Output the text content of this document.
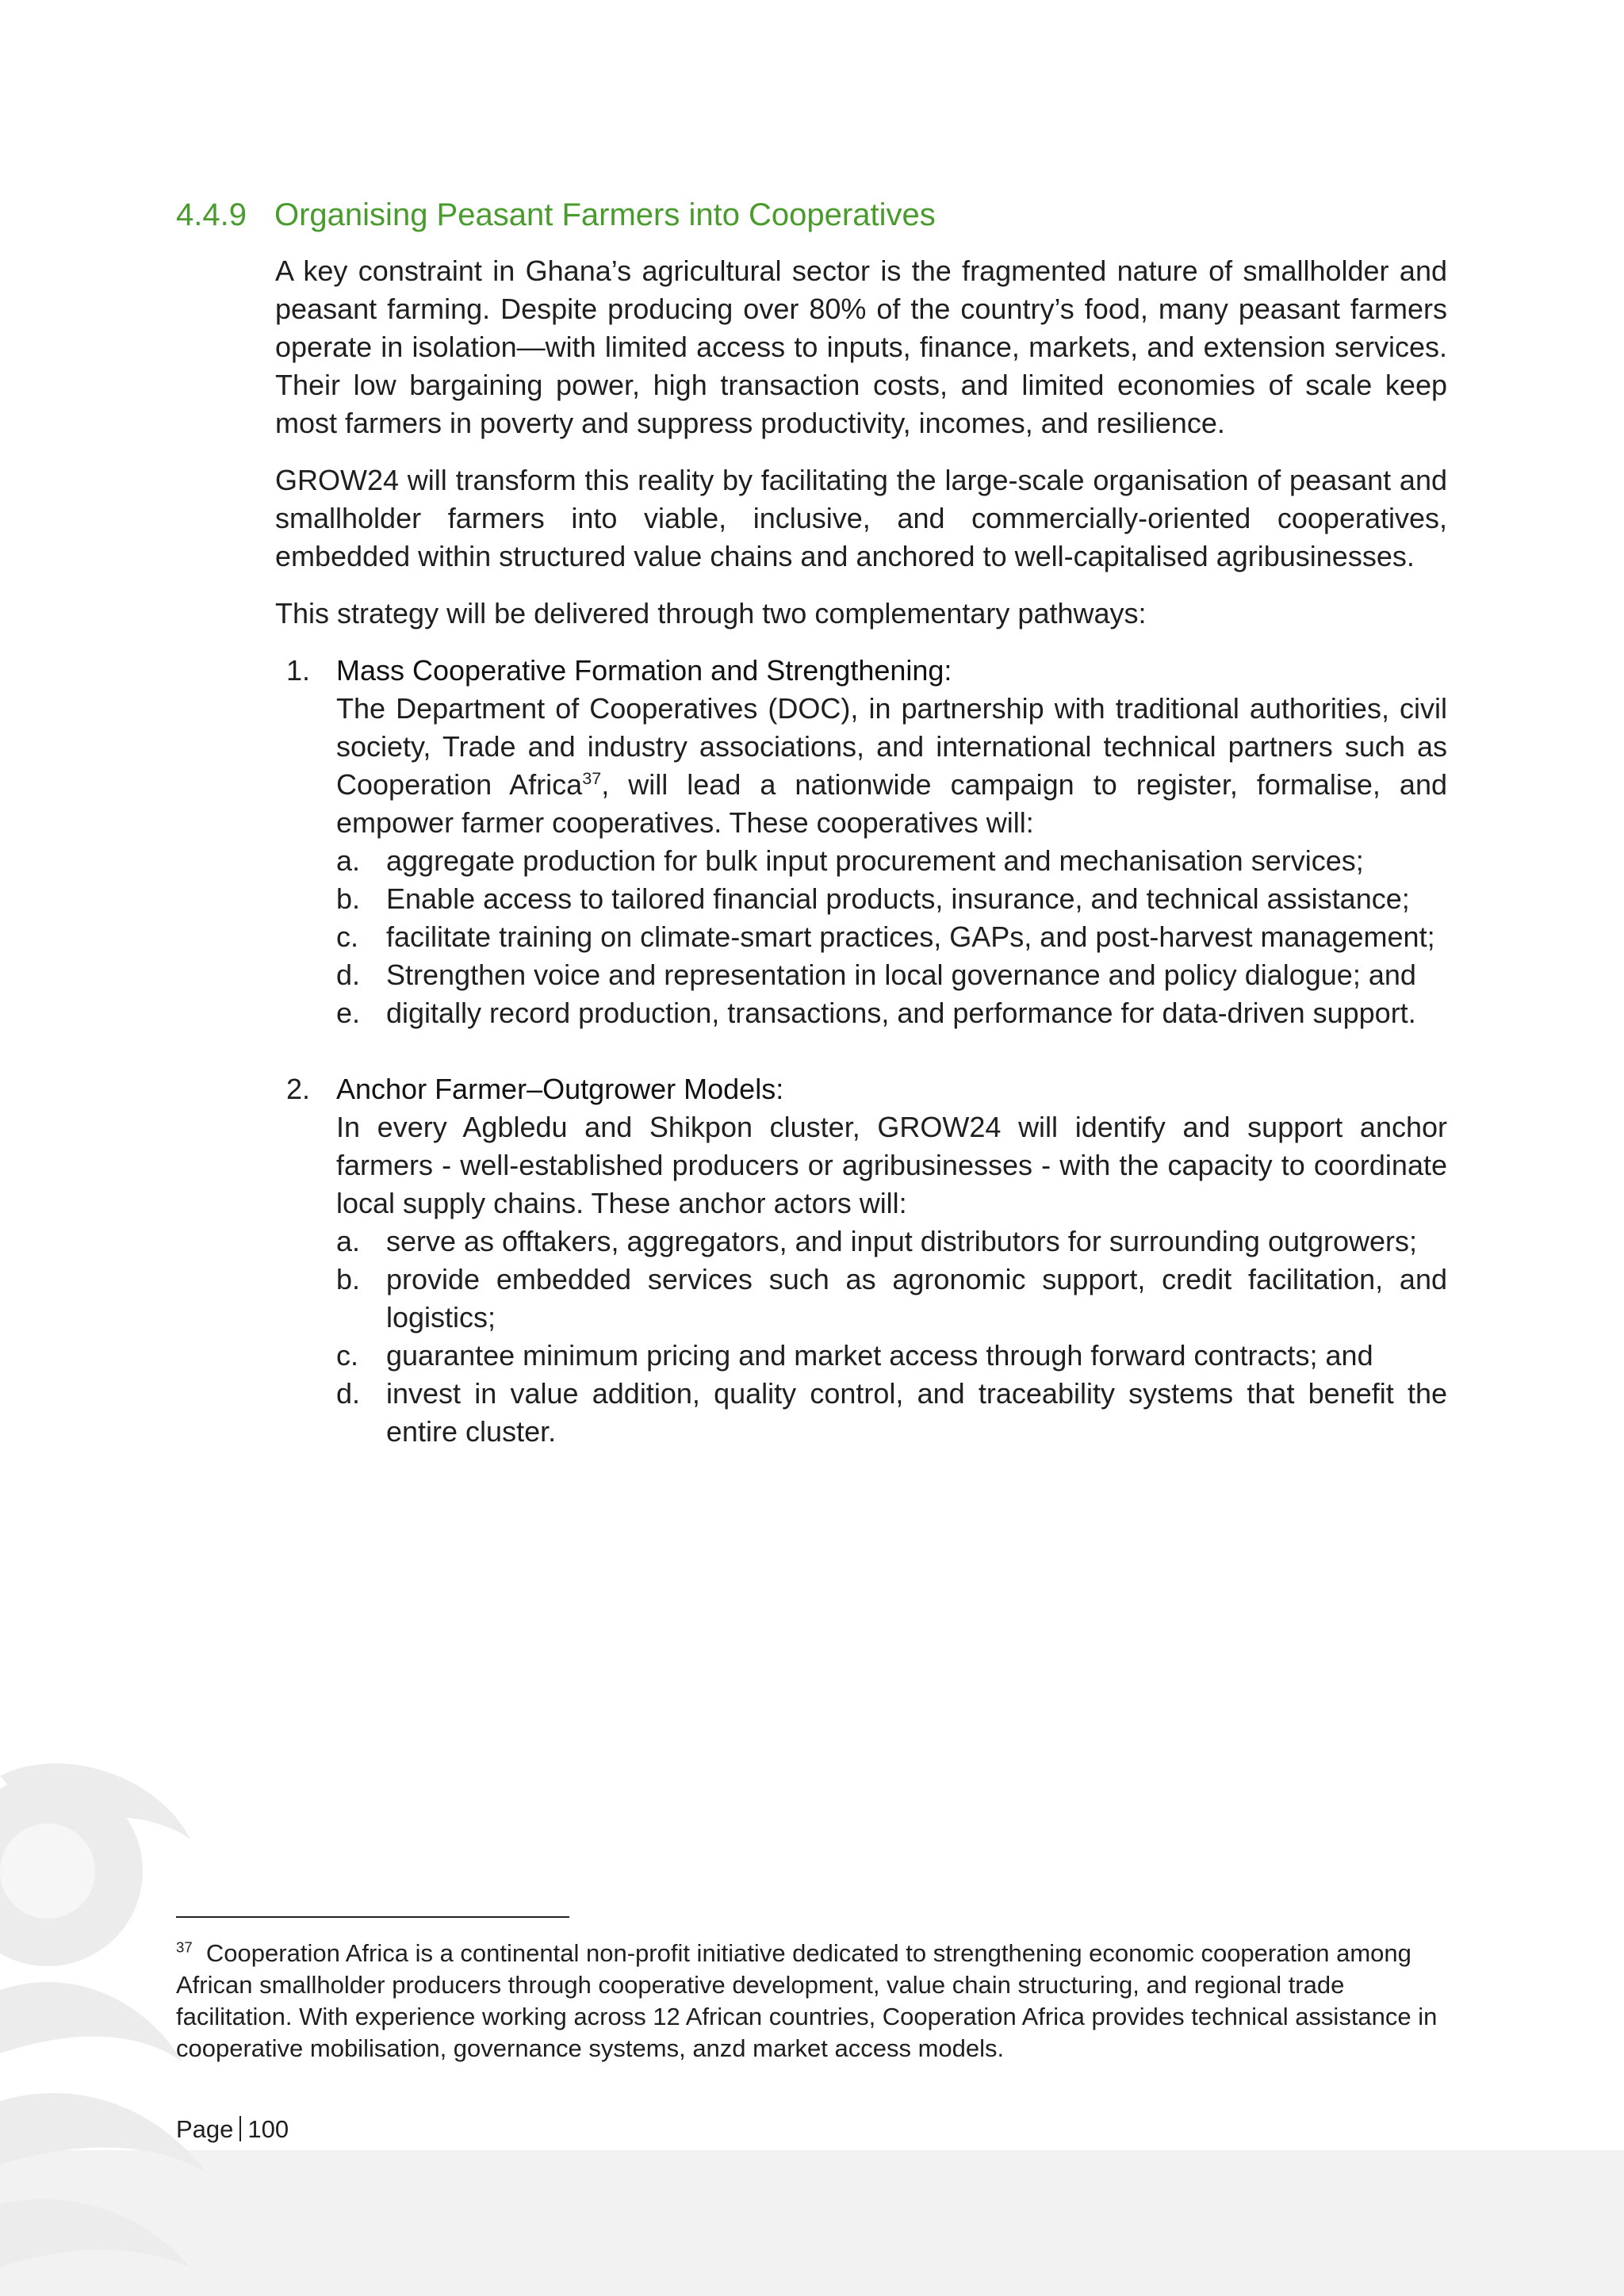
4.4.9 Organising Peasant Farmers into Cooperatives

A key constraint in Ghana’s agricultural sector is the fragmented nature of smallholder and peasant farming. Despite producing over 80% of the country’s food, many peasant farmers operate in isolation—with limited access to inputs, finance, markets, and extension services. Their low bargaining power, high transaction costs, and limited economies of scale keep most farmers in poverty and suppress productivity, incomes, and resilience.

GROW24 will transform this reality by facilitating the large-scale organisation of peasant and smallholder farmers into viable, inclusive, and commercially-oriented cooperatives, embedded within structured value chains and anchored to well-capitalised agribusinesses.

This strategy will be delivered through two complementary pathways:

1. Mass Cooperative Formation and Strengthening:
The Department of Cooperatives (DOC), in partnership with traditional authorities, civil society, Trade and industry associations, and international technical partners such as Cooperation Africa$^{37}$, will lead a nationwide campaign to register, formalise, and empower farmer cooperatives. These cooperatives will:
a. aggregate production for bulk input procurement and mechanisation services;
b. Enable access to tailored financial products, insurance, and technical assistance;
c. facilitate training on climate-smart practices, GAPs, and post-harvest management;
d. Strengthen voice and representation in local governance and policy dialogue; and
e. digitally record production, transactions, and performance for data-driven support.
2. Anchor Farmer–Outgrower Models:
In every Agbledu and Shikpon cluster, GROW24 will identify and support anchor farmers - well-established producers or agribusinesses - with the capacity to coordinate local supply chains. These anchor actors will:
a. serve as offtakers, aggregators, and input distributors for surrounding outgrowers;
b. provide embedded services such as agronomic support, credit facilitation, and logistics;
c. guarantee minimum pricing and market access through forward contracts; and
d. invest in value addition, quality control, and traceability systems that benefit the entire cluster.
$^{37}$ Cooperation Africa is a continental non-profit initiative dedicated to strengthening economic cooperation among African smallholder producers through cooperative development, value chain structuring, and regional trade facilitation. With experience working across 12 African countries, Cooperation Africa provides technical assistance in cooperative mobilisation, governance systems, anzd market access models.
Page 100
